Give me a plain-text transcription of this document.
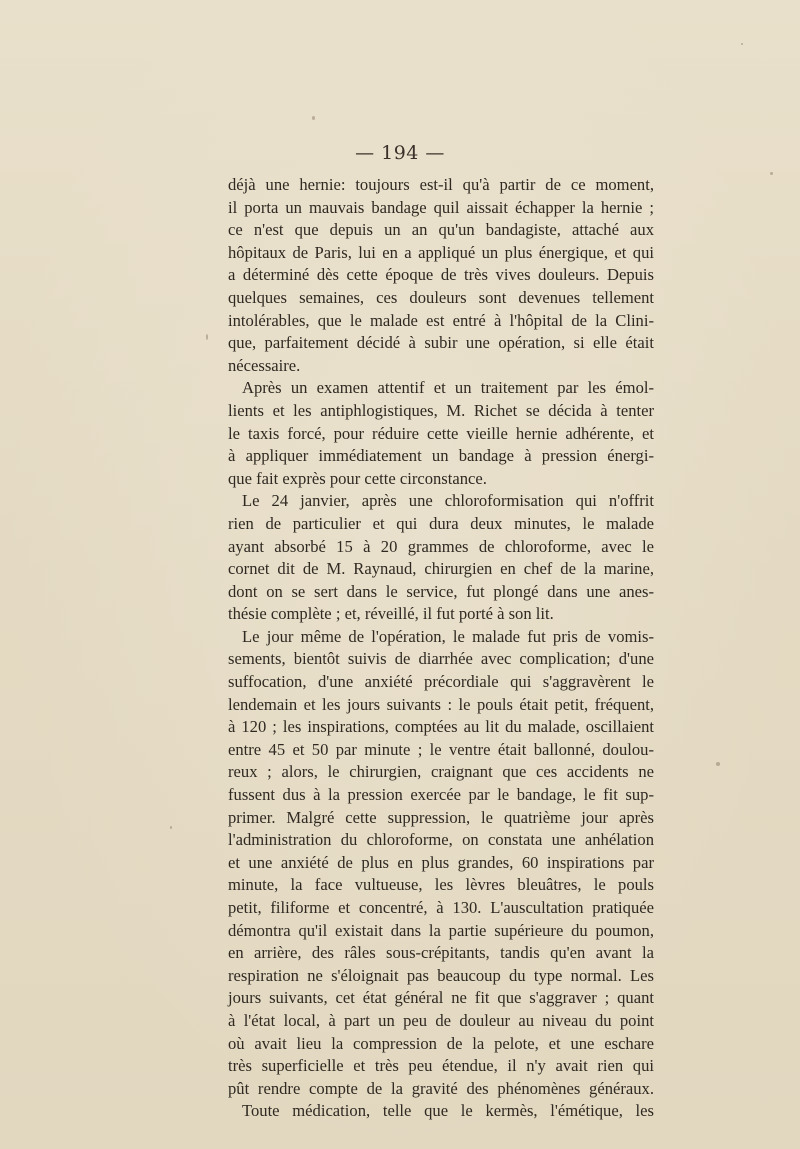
— 194 —
déjà une hernie: toujours est-il qu'à partir de ce moment,
il porta un mauvais bandage quil aissait échapper la hernie ;
ce n'est que depuis un an qu'un bandagiste, attaché aux
hôpitaux de Paris, lui en a appliqué un plus énergique, et qui
a déterminé dès cette époque de très vives douleurs. Depuis
quelques semaines, ces douleurs sont devenues tellement
intolérables, que le malade est entré à l'hôpital de la Clini-
que, parfaitement décidé à subir une opération, si elle était
nécessaire.
Après un examen attentif et un traitement par les émol-
lients et les antiphlogistiques, M. Richet se décida à tenter
le taxis forcé, pour réduire cette vieille hernie adhérente, et
à appliquer immédiatement un bandage à pression énergi-
que fait exprès pour cette circonstance.
Le 24 janvier, après une chloroformisation qui n'offrit
rien de particulier et qui dura deux minutes, le malade
ayant absorbé 15 à 20 grammes de chloroforme, avec le
cornet dit de M. Raynaud, chirurgien en chef de la marine,
dont on se sert dans le service, fut plongé dans une anes-
thésie complète ; et, réveillé, il fut porté à son lit.
Le jour même de l'opération, le malade fut pris de vomis-
sements, bientôt suivis de diarrhée avec complication; d'une
suffocation, d'une anxiété précordiale qui s'aggravèrent le
lendemain et les jours suivants : le pouls était petit, fréquent,
à 120 ; les inspirations, comptées au lit du malade, oscillaient
entre 45 et 50 par minute ; le ventre était ballonné, doulou-
reux ; alors, le chirurgien, craignant que ces accidents ne
fussent dus à la pression exercée par le bandage, le fit sup-
primer. Malgré cette suppression, le quatrième jour après
l'administration du chloroforme, on constata une anhélation
et une anxiété de plus en plus grandes, 60 inspirations par
minute, la face vultueuse, les lèvres bleuâtres, le pouls
petit, filiforme et concentré, à 130. L'auscultation pratiquée
démontra qu'il existait dans la partie supérieure du poumon,
en arrière, des râles sous-crépitants, tandis qu'en avant la
respiration ne s'éloignait pas beaucoup du type normal. Les
jours suivants, cet état général ne fit que s'aggraver ; quant
à l'état local, à part un peu de douleur au niveau du point
où avait lieu la compression de la pelote, et une eschare
très superficielle et très peu étendue, il n'y avait rien qui
pût rendre compte de la gravité des phénomènes généraux.
Toute médication, telle que le kermès, l'émétique, les
